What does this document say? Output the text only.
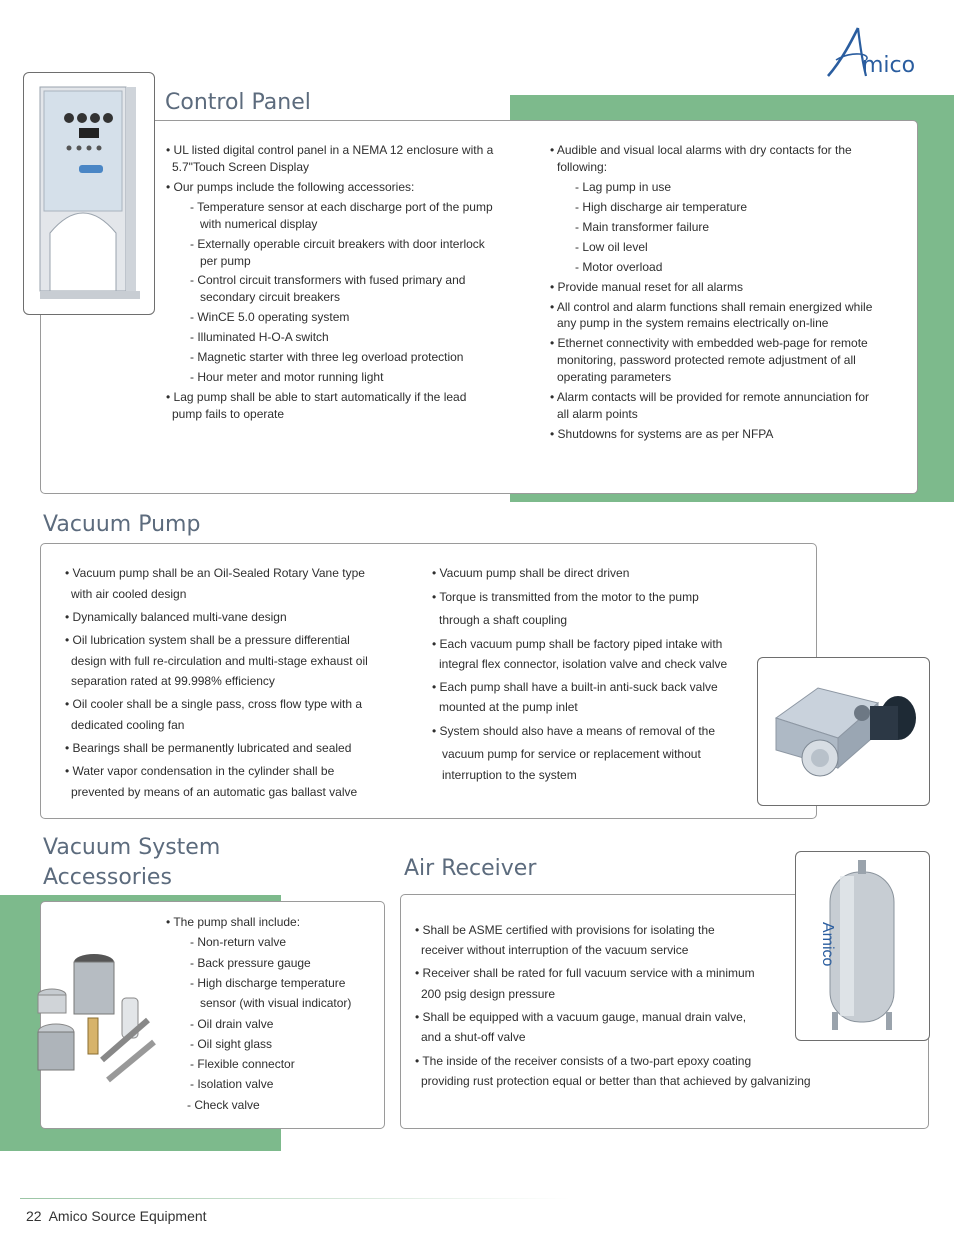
mico
Control Panel
• UL listed digital control panel in a NEMA 12 enclosure with a
5.7"Touch Screen Display
• Our pumps include the following accessories:
- Temperature sensor at each discharge port of the pump
with numerical display
- Externally operable circuit breakers with door interlock
per pump
- Control circuit transformers with fused primary and
secondary circuit breakers
- WinCE 5.0 operating system
- Illuminated H-O-A switch
- Magnetic starter with three leg overload protection
- Hour meter and motor running light
• Lag pump shall be able to start automatically if the lead
pump fails to operate
• Audible and visual local alarms with dry contacts for the
following:
- Lag pump in use
- High discharge air temperature
- Main transformer failure
- Low oil level
- Motor overload
• Provide manual reset for all alarms
• All control and alarm functions shall remain energized while
any pump in the system remains electrically on-line
• Ethernet connectivity with embedded web-page for remote
monitoring, password protected remote adjustment of all
operating parameters
• Alarm contacts will be provided for remote annunciation for
all alarm points
• Shutdowns for systems are as per NFPA
Vacuum Pump
• Vacuum pump shall be an Oil-Sealed Rotary Vane type
with air cooled design
• Dynamically balanced multi-vane design
• Oil lubrication system shall be a pressure differential
design with full re-circulation and multi-stage exhaust oil
separation rated at 99.998% efficiency
• Oil cooler shall be a single pass, cross flow type with a
dedicated cooling fan
• Bearings shall be permanently lubricated and sealed
• Water vapor condensation in the cylinder shall be
prevented by means of an automatic gas ballast valve
• Vacuum pump shall be direct driven
• Torque is transmitted from the motor to the pump
through a shaft coupling
• Each vacuum pump shall be factory piped intake with
integral flex connector, isolation valve and check valve
• Each pump shall have a built-in anti-suck back valve
mounted at the pump inlet
• System should also have a means of removal of the
vacuum pump for service or replacement without
interruption to the system
Vacuum System
Accessories
• The pump shall include:
- Non-return valve
- Back pressure gauge
- High discharge temperature
sensor (with visual indicator)
- Oil drain valve
- Oil sight glass
- Flexible connector
- Isolation valve
- Check valve
Air Receiver
Amico
• Shall be ASME certified with provisions for isolating the
receiver without interruption of the vacuum service
• Receiver shall be rated for full vacuum service with a minimum
200 psig design pressure
• Shall be equipped with a vacuum gauge, manual drain valve,
and a shut-off valve
• The inside of the receiver consists of a two-part epoxy coating
providing rust protection equal or better than that achieved by galvanizing
22 Amico Source Equipment
